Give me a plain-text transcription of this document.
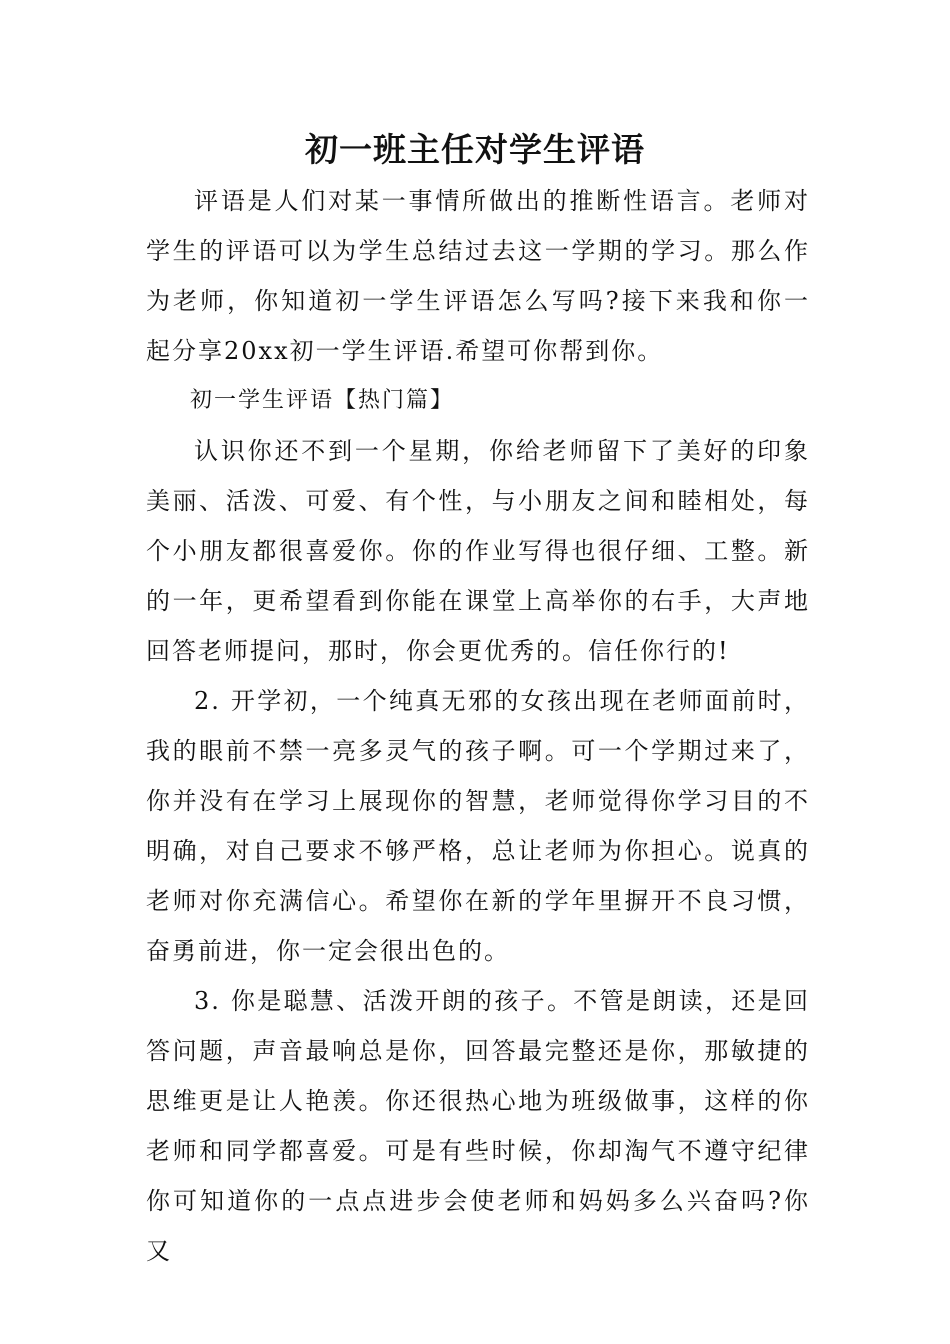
初一班主任对学生评语

评语是人们对某一事情所做出的推断性语言。老师对学生的评语可以为学生总结过去这一学期的学习。那么作为老师，你知道初一学生评语怎么写吗?接下来我和你一起分享20xx初一学生评语.希望可你帮到你。

初一学生评语【热门篇】

认识你还不到一个星期，你给老师留下了美好的印象美丽、活泼、可爱、有个性，与小朋友之间和睦相处，每个小朋友都很喜爱你。你的作业写得也很仔细、工整。新的一年，更希望看到你能在课堂上高举你的右手，大声地回答老师提问，那时，你会更优秀的。信任你行的!

2. 开学初，一个纯真无邪的女孩出现在老师面前时，我的眼前不禁一亮多灵气的孩子啊。可一个学期过来了，你并没有在学习上展现你的智慧，老师觉得你学习目的不明确，对自己要求不够严格，总让老师为你担心。说真的老师对你充满信心。希望你在新的学年里摒开不良习惯，奋勇前进，你一定会很出色的。

3. 你是聪慧、活泼开朗的孩子。不管是朗读，还是回答问题，声音最响总是你，回答最完整还是你，那敏捷的思维更是让人艳羡。你还很热心地为班级做事，这样的你老师和同学都喜爱。可是有些时候，你却淘气不遵守纪律你可知道你的一点点进步会使老师和妈妈多么兴奋吗?你又
